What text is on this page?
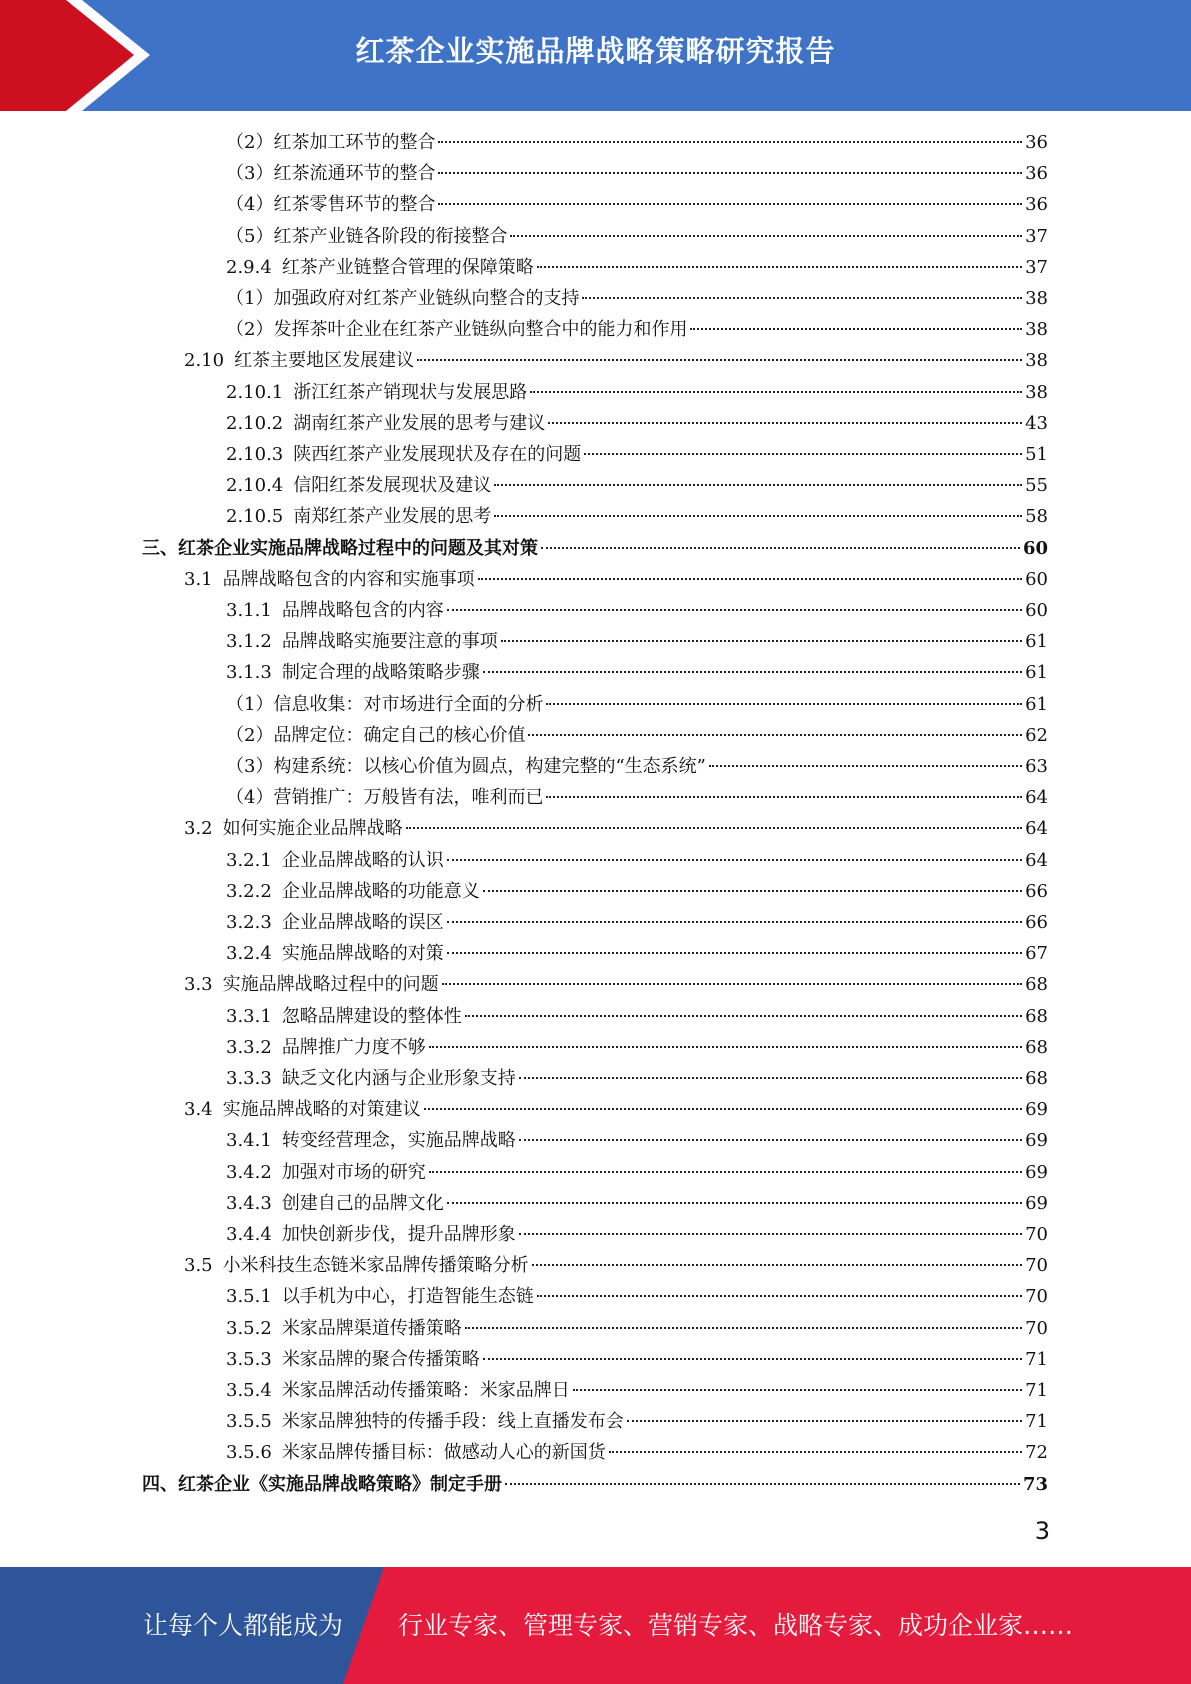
红茶企业实施品牌战略策略研究报告
（2） 红茶加工环节的整合	36
（3） 红茶流通环节的整合	36
（4） 红茶零售环节的整合	36
（5） 红茶产业链各阶段的衔接整合	37
2.9.4 红茶产业链整合管理的保障策略	37
（1） 加强政府对红茶产业链纵向整合的支持	38
（2） 发挥茶叶企业在红茶产业链纵向整合中的能力和作用	38
2.10 红茶主要地区发展建议	38
2.10.1 浙江红茶产销现状与发展思路	38
2.10.2 湖南红茶产业发展的思考与建议	43
2.10.3 陕西红茶产业发展现状及存在的问题	51
2.10.4 信阳红茶发展现状及建议	55
2.10.5 南郑红茶产业发展的思考	58
三、红茶企业实施品牌战略过程中的问题及其对策	60
3.1 品牌战略包含的内容和实施事项	60
3.1.1 品牌战略包含的内容	60
3.1.2 品牌战略实施要注意的事项	61
3.1.3 制定合理的战略策略步骤	61
（1） 信息收集：对市场进行全面的分析	61
（2） 品牌定位：确定自己的核心价值	62
（3） 构建系统：以核心价值为圆点，构建完整的“生态系统”	63
（4） 营销推广：万般皆有法，唯利而已	64
3.2 如何实施企业品牌战略	64
3.2.1 企业品牌战略的认识	64
3.2.2 企业品牌战略的功能意义	66
3.2.3 企业品牌战略的误区	66
3.2.4 实施品牌战略的对策	67
3.3 实施品牌战略过程中的问题	68
3.3.1 忽略品牌建设的整体性	68
3.3.2 品牌推广力度不够	68
3.3.3 缺乏文化内涵与企业形象支持	68
3.4 实施品牌战略的对策建议	69
3.4.1 转变经营理念，实施品牌战略	69
3.4.2 加强对市场的研究	69
3.4.3 创建自己的品牌文化	69
3.4.4 加快创新步伐，提升品牌形象	70
3.5 小米科技生态链米家品牌传播策略分析	70
3.5.1 以手机为中心，打造智能生态链	70
3.5.2 米家品牌渠道传播策略	70
3.5.3 米家品牌的聚合传播策略	71
3.5.4 米家品牌活动传播策略：米家品牌日	71
3.5.5 米家品牌独特的传播手段：线上直播发布会	71
3.5.6 米家品牌传播目标：做感动人心的新国货	72
四、红茶企业《实施品牌战略策略》制定手册	73
3
让每个人都能成为 行业专家、管理专家、营销专家、战略专家、成功企业家……
